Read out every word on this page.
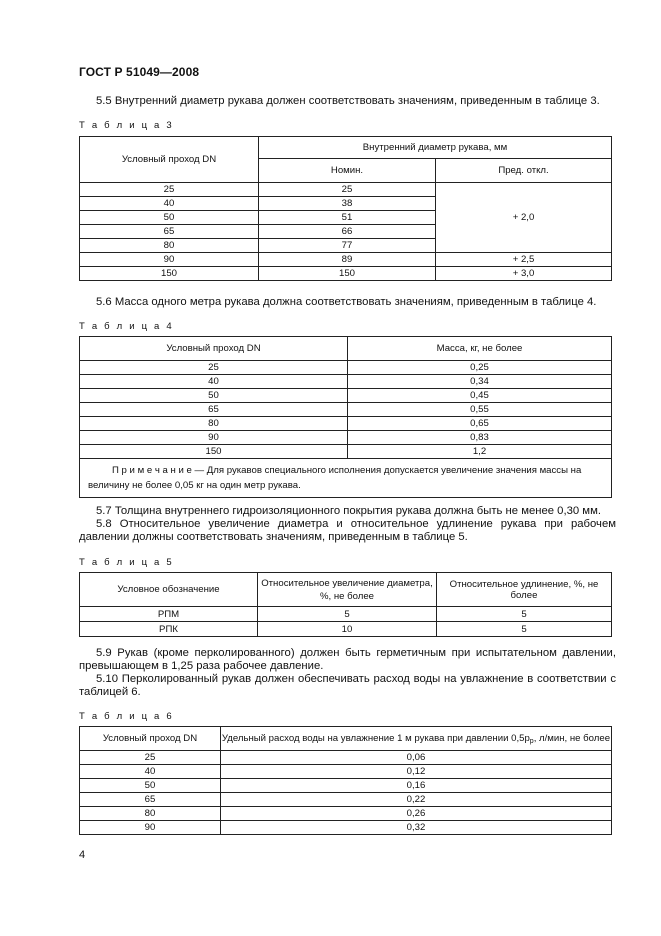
ГОСТ Р 51049—2008
5.5 Внутренний диаметр рукава должен соответствовать значениям, приведенным в таблице 3.
Т а б л и ц а 3
Условный проход DN	Внутренний диаметр рукава, мм	
	Номин.	Пред. откл.
25	25	+ 2,0
40	38	
50	51	
65	66	
80	77	
90	89	+ 2,5
150	150	+ 3,0
5.6 Масса одного метра рукава должна соответствовать значениям, приведенным в таблице 4.
Т а б л и ц а 4
Условный проход DN	Масса, кг, не более
25	0,25
40	0,34
50	0,45
65	0,55
80	0,65
90	0,83
150	1,2
П р и м е ч а н и е — Для рукавов специального исполнения допускается увеличение значения массы на величину не более 0,05 кг на один метр рукава.	
5.7 Толщина внутреннего гидроизоляционного покрытия рукава должна быть не менее 0,30 мм.
5.8 Относительное увеличение диаметра и относительное удлинение рукава при рабочем давлении должны соответствовать значениям, приведенным в таблице 5.
Т а б л и ц а 5
Условное обозначение	Относительное увеличение диаметра, %, не более	Относительное удлинение, %, не более
РПМ	5	5
РПК	10	5
5.9 Рукав (кроме перколированного) должен быть герметичным при испытательном давлении, превышающем в 1,25 раза рабочее давление.
5.10 Перколированный рукав должен обеспечивать расход воды на увлажнение в соответствии с таблицей 6.
Т а б л и ц а 6
Условный проход DN	Удельный расход воды на увлажнение 1 м рукава при давлении $0,5p_р$, л/мин, не более
25	0,06
40	0,12
50	0,16
65	0,22
80	0,26
90	0,32
4
